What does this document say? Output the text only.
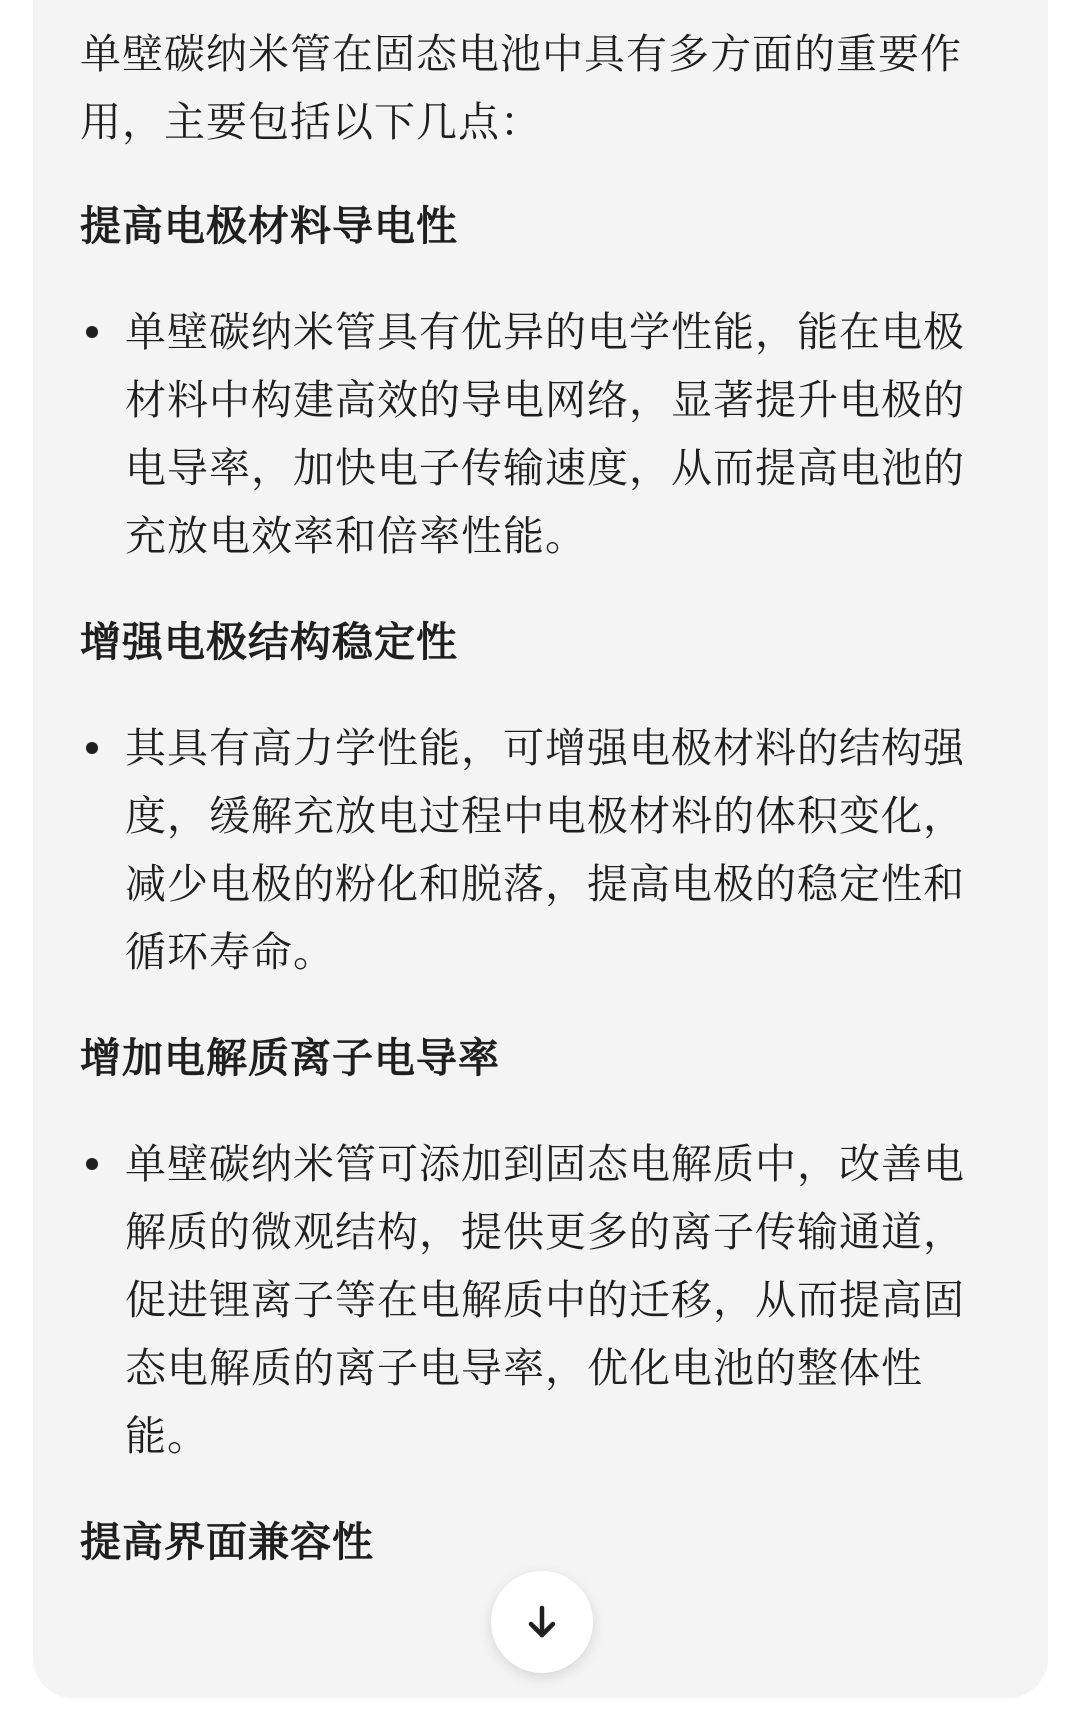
单壁碳纳米管在固态电池中具有多方面的重要作用，主要包括以下几点：

提高电极材料导电性

单壁碳纳米管具有优异的电学性能，能在电极材料中构建高效的导电网络，显著提升电极的电导率，加快电子传输速度，从而提高电池的充放电效率和倍率性能。

增强电极结构稳定性

其具有高力学性能，可增强电极材料的结构强度，缓解充放电过程中电极材料的体积变化，减少电极的粉化和脱落，提高电极的稳定性和循环寿命。

增加电解质离子电导率

单壁碳纳米管可添加到固态电解质中，改善电解质的微观结构，提供更多的离子传输通道，促进锂离子等在电解质中的迁移，从而提高固态电解质的离子电导率，优化电池的整体性能。

提高界面兼容性
